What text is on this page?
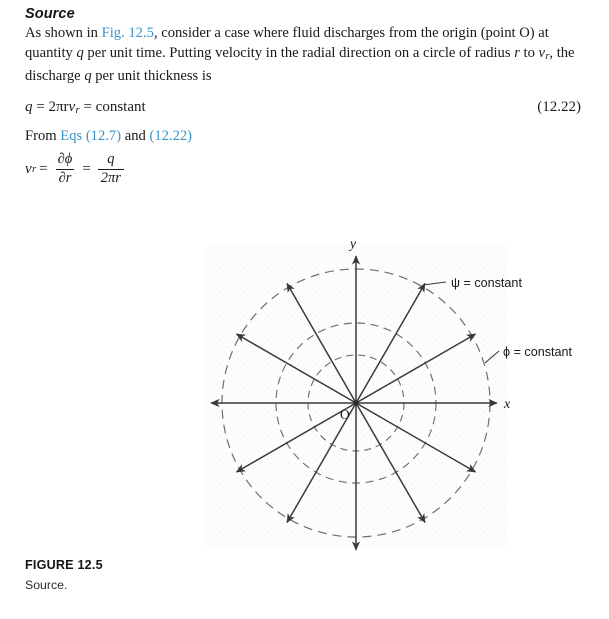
Source
As shown in Fig. 12.5, consider a case where fluid discharges from the origin (point O) at quantity q per unit time. Putting velocity in the radial direction on a circle of radius r to $v_r$, the discharge q per unit thickness is
q = 2πrv$_r$ = constant	(12.22)
From Eqs (12.7) and (12.22)
v $r = \frac{\partial\phi}{\partial r} = \frac{q}{2\pi r}$
y
x
O
ψ = constant
ϕ = constant
FIGURE 12.5
Source.
